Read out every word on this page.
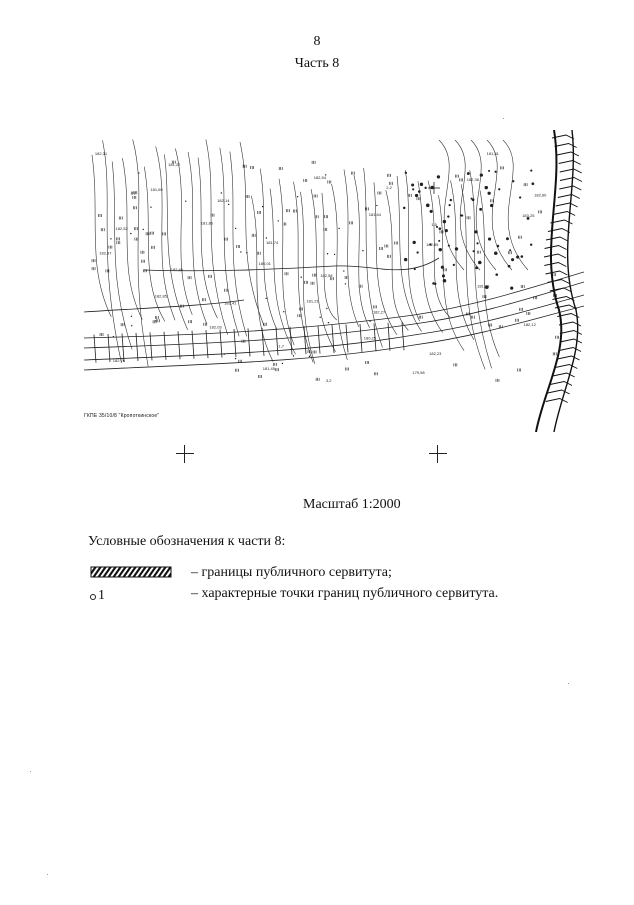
8
Часть 8
182,31
181,69
181,86
180,01
181,21
180,25
179,98
182,38
183,25
182,97
182,85
182,03
181,45
182,54
181,64
182,85
181,90
182,12
182,76
181,22
182,14
181,74
182,58
182,27
182,23
181,81
182,60
182,52
182,40
182,41
1,7
3,2
2,2
1,5
ГКПЕ 35/10/8 "Кропоткинское"
Масштаб 1:2000
Условные обозначения к части 8:
– границы публичного сервитута;
1	– характерные точки границ публичного сервитута.
